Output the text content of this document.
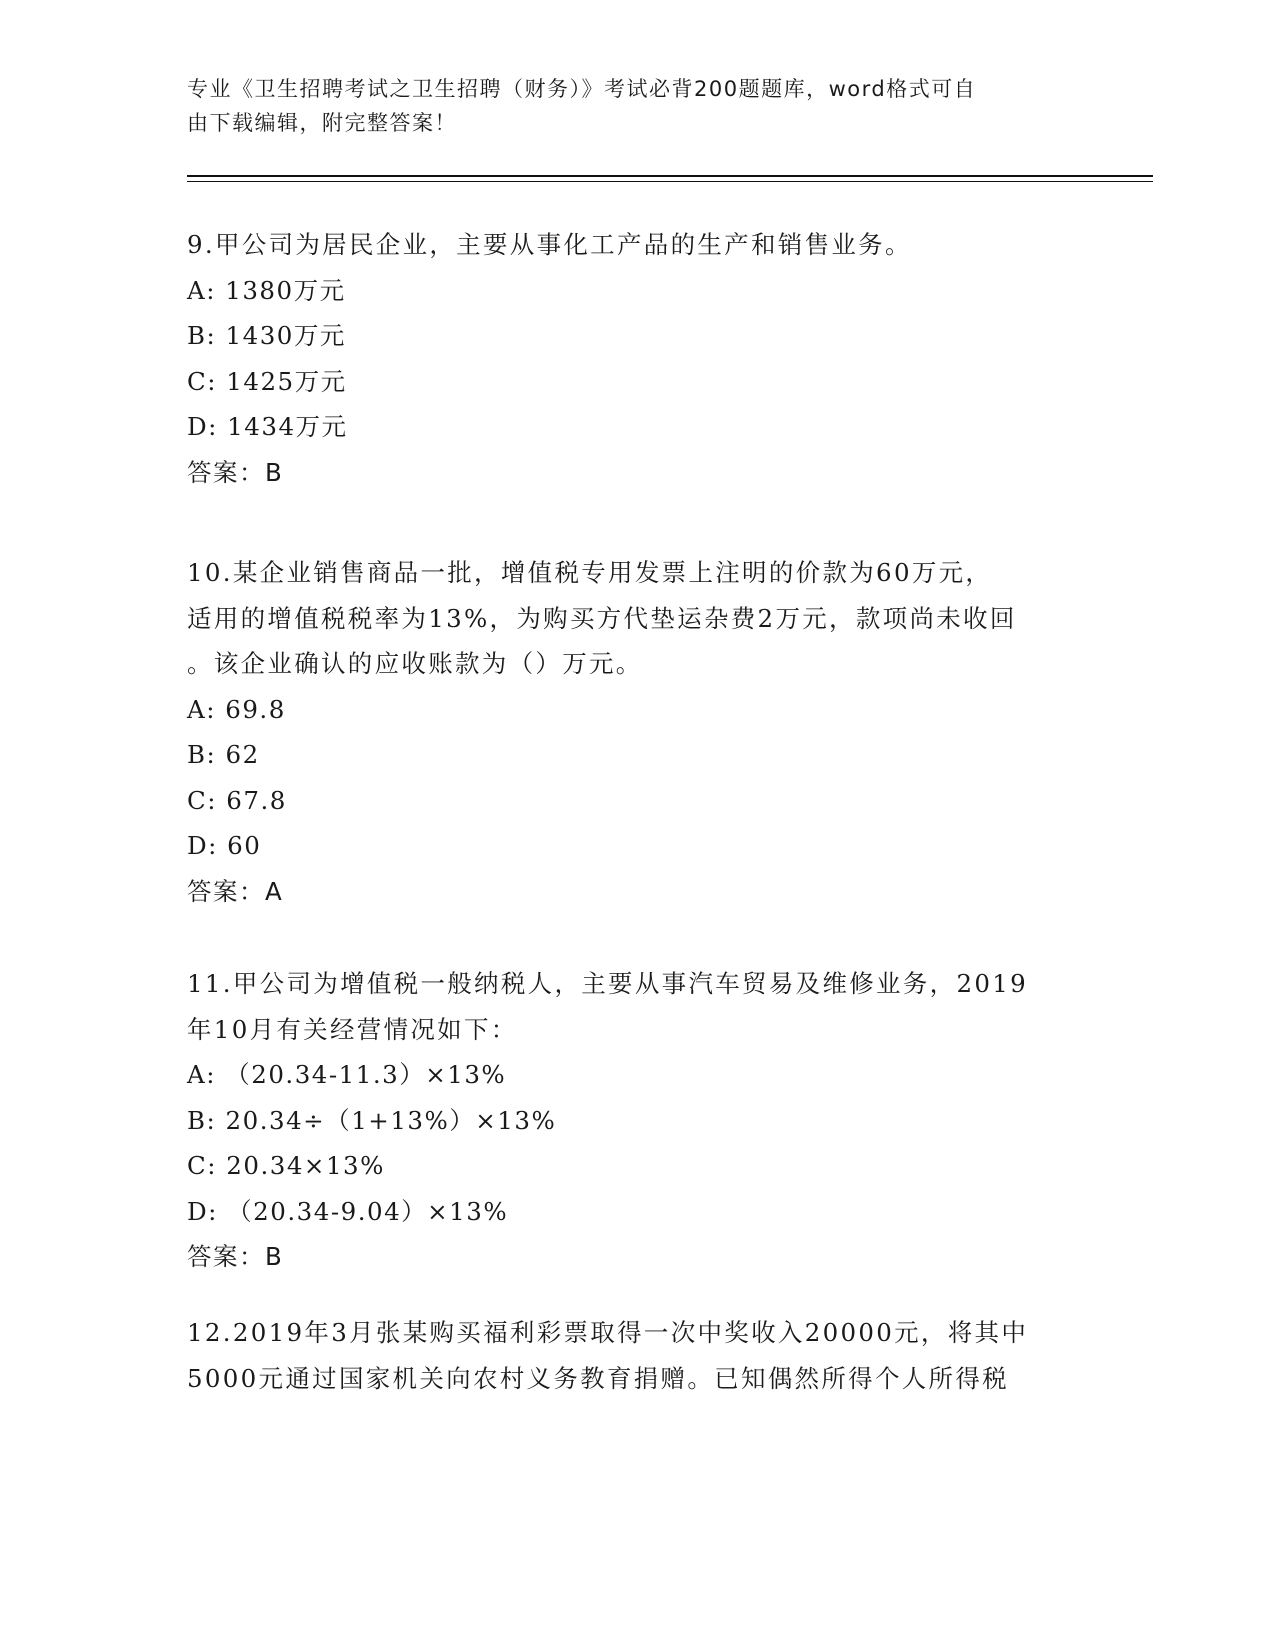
专业《卫生招聘考试之卫生招聘（财务）》考试必背200题题库，word格式可自
由下载编辑，附完整答案！

9.甲公司为居民企业，主要从事化工产品的生产和销售业务。

A: 1380万元

B: 1430万元

C: 1425万元

D: 1434万元

答案：B

10.某企业销售商品一批，增值税专用发票上注明的价款为60万元，

适用的增值税税率为13%，为购买方代垫运杂费2万元，款项尚未收回

。该企业确认的应收账款为（）万元。

A: 69.8

B: 62

C: 67.8

D: 60

答案：A

11.甲公司为增值税一般纳税人，主要从事汽车贸易及维修业务，2019

年10月有关经营情况如下：

A: （20.34-11.3）×13%

B: 20.34÷（1+13%）×13%

C: 20.34×13%

D: （20.34-9.04）×13%

答案：B

12.2019年3月张某购买福利彩票取得一次中奖收入20000元，将其中

5000元通过国家机关向农村义务教育捐赠。已知偶然所得个人所得税
